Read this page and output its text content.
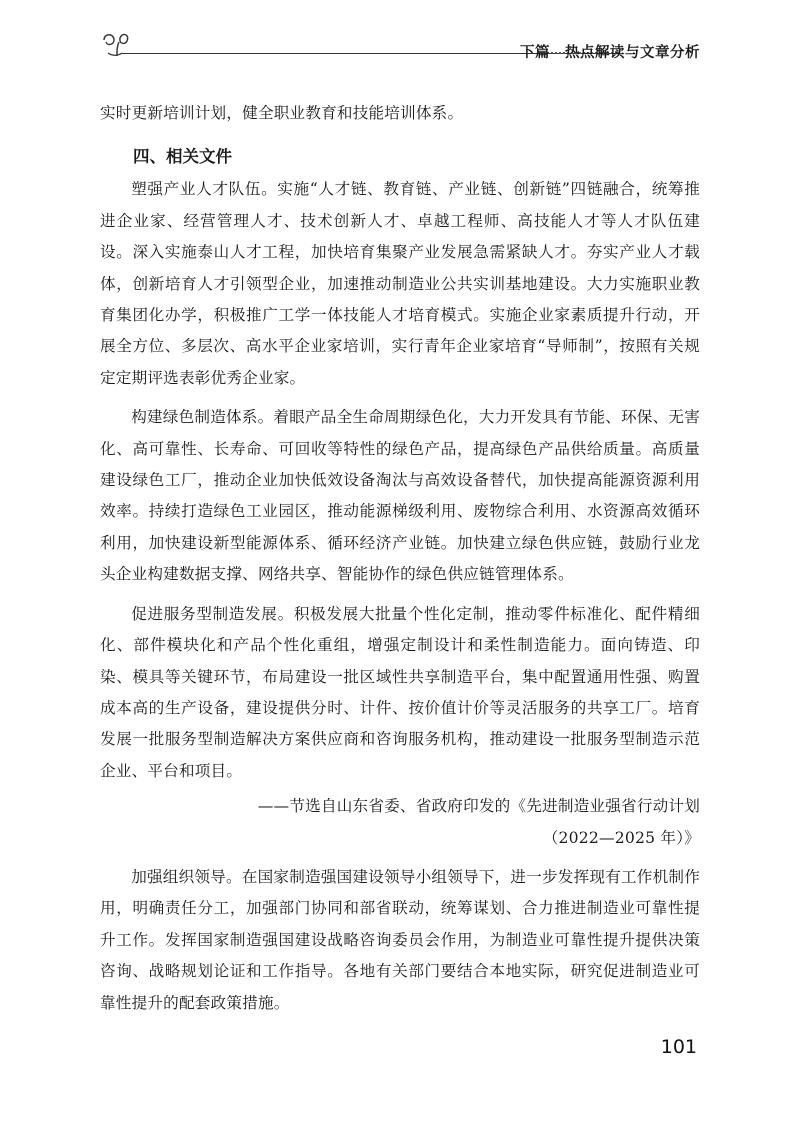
下篇　热点解读与文章分析

实时更新培训计划，健全职业教育和技能培训体系。

四、相关文件

塑强产业人才队伍。实施“人才链、教育链、产业链、创新链”四链融合，统筹推进企业家、经营管理人才、技术创新人才、卓越工程师、高技能人才等人才队伍建设。深入实施泰山人才工程，加快培育集聚产业发展急需紧缺人才。夯实产业人才载体，创新培育人才引领型企业，加速推动制造业公共实训基地建设。大力实施职业教育集团化办学，积极推广工学一体技能人才培育模式。实施企业家素质提升行动，开展全方位、多层次、高水平企业家培训，实行青年企业家培育“导师制”，按照有关规定定期评选表彰优秀企业家。

构建绿色制造体系。着眼产品全生命周期绿色化，大力开发具有节能、环保、无害化、高可靠性、长寿命、可回收等特性的绿色产品，提高绿色产品供给质量。高质量建设绿色工厂，推动企业加快低效设备淘汰与高效设备替代，加快提高能源资源利用效率。持续打造绿色工业园区，推动能源梯级利用、废物综合利用、水资源高效循环利用，加快建设新型能源体系、循环经济产业链。加快建立绿色供应链，鼓励行业龙头企业构建数据支撑、网络共享、智能协作的绿色供应链管理体系。

促进服务型制造发展。积极发展大批量个性化定制，推动零件标准化、配件精细化、部件模块化和产品个性化重组，增强定制设计和柔性制造能力。面向铸造、印染、模具等关键环节，布局建设一批区域性共享制造平台，集中配置通用性强、购置成本高的生产设备，建设提供分时、计件、按价值计价等灵活服务的共享工厂。培育发展一批服务型制造解决方案供应商和咨询服务机构，推动建设一批服务型制造示范企业、平台和项目。

——节选自山东省委、省政府印发的《先进制造业强省行动计划

（2022—2025 年）》

加强组织领导。在国家制造强国建设领导小组领导下，进一步发挥现有工作机制作用，明确责任分工，加强部门协同和部省联动，统筹谋划、合力推进制造业可靠性提升工作。发挥国家制造强国建设战略咨询委员会作用，为制造业可靠性提升提供决策咨询、战略规划论证和工作指导。各地有关部门要结合本地实际，研究促进制造业可靠性提升的配套政策措施。

101
